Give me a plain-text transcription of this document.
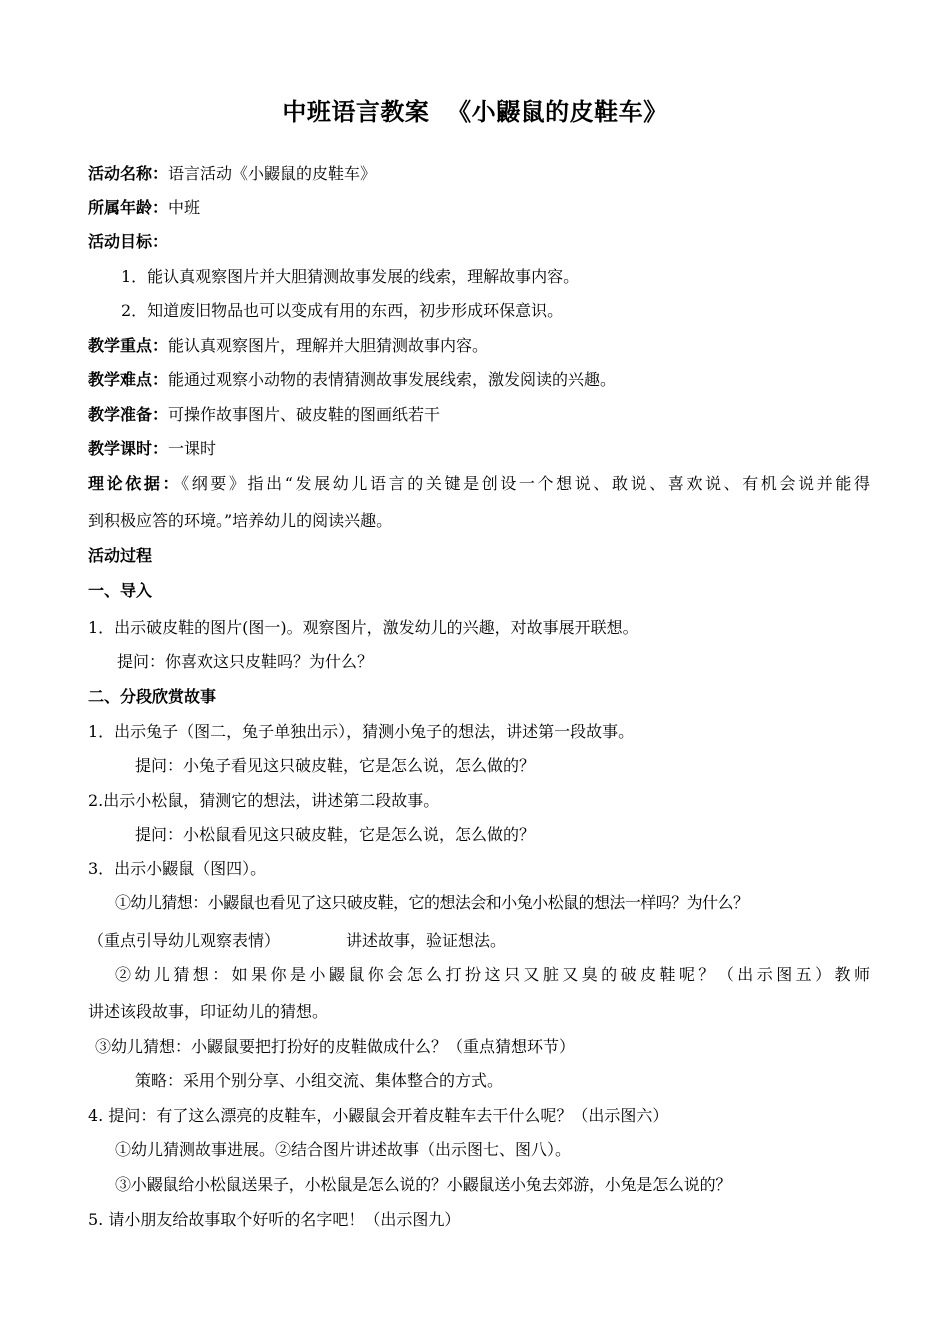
中班语言教案  《小鼹鼠的皮鞋车》
活动名称：语言活动《小鼹鼠的皮鞋车》
所属年龄：中班
活动目标：
1．能认真观察图片并大胆猜测故事发展的线索，理解故事内容。
2．知道废旧物品也可以变成有用的东西，初步形成环保意识。
教学重点：能认真观察图片，理解并大胆猜测故事内容。
教学难点：能通过观察小动物的表情猜测故事发展线索，激发阅读的兴趣。
教学准备：可操作故事图片、破皮鞋的图画纸若干
教学课时：一课时
理论依据：《纲要》指出“发展幼儿语言的关键是创设一个想说、敢说、喜欢说、有机会说并能得
到积极应答的环境。”培养幼儿的阅读兴趣。
活动过程
一、导入
1．出示破皮鞋的图片(图一)。观察图片，激发幼儿的兴趣，对故事展开联想。
提问：你喜欢这只皮鞋吗？为什么？
二、分段欣赏故事
1．出示兔子（图二，兔子单独出示），猜测小兔子的想法，讲述第一段故事。
提问：小兔子看见这只破皮鞋，它是怎么说，怎么做的？
2.出示小松鼠，猜测它的想法，讲述第二段故事。
提问：小松鼠看见这只破皮鞋，它是怎么说，怎么做的？
3．出示小鼹鼠（图四）。
①幼儿猜想：小鼹鼠也看见了这只破皮鞋，它的想法会和小兔小松鼠的想法一样吗？为什么？
（重点引导幼儿观察表情）	讲述故事，验证想法。
②幼儿猜想：如果你是小鼹鼠你会怎么打扮这只又脏又臭的破皮鞋呢？（出示图五）教师
讲述该段故事，印证幼儿的猜想。
③幼儿猜想：小鼹鼠要把打扮好的皮鞋做成什么？（重点猜想环节）
策略：采用个别分享、小组交流、集体整合的方式。
4. 提问：有了这么漂亮的皮鞋车，小鼹鼠会开着皮鞋车去干什么呢？（出示图六）
①幼儿猜测故事进展。②结合图片讲述故事（出示图七、图八）。
③小鼹鼠给小松鼠送果子，小松鼠是怎么说的？小鼹鼠送小兔去郊游，小兔是怎么说的？
5. 请小朋友给故事取个好听的名字吧！（出示图九）
